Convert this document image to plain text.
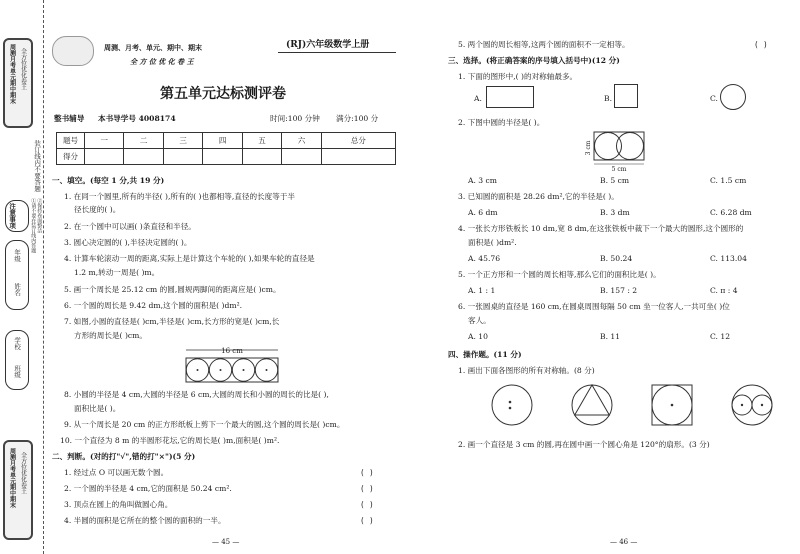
周测月考单元期中期末 全方位优化卷王
装订线内不要答题
注意事项	①请不要在装订线内答题 ②保持卷面整洁
年级
姓名
学校
班级
周测月考单元期中期末 全方位优化卷王
周测、月考、单元、期中、期末
全 方 位 优 化 卷 王
(RJ)六年级数学上册
第五单元达标测评卷
整书辅导 本书导学号 4008174	时间:100 分钟 满分:100 分
题号	一	二	三	四	五	六	总分
得分							
一、填空。(每空 1 分,共 19 分)
1. 在同一个圆里,所有的半径( ),所有的( )也都相等,直径的长度等于半
径长度的( )。
2. 在一个圆中可以画( )条直径和半径。
3. 圆心决定圆的( ),半径决定圆的( )。
4. 计算车轮滚动一周的距离,实际上是计算这个车轮的( ),如果车轮的直径是
1.2 m,转动一周是( )m。
5. 画一个周长是 25.12 cm 的圆,圆规两脚间的距离应是( )cm。
6. 一个圆的周长是 9.42 dm,这个圆的面积是( )dm².
7. 如图,小圆的直径是( )cm,半径是( )cm,长方形的宽是( )cm,长
方形的周长是( )cm。
16 cm
8. 小圆的半径是 4 cm,大圆的半径是 6 cm,大圆的周长和小圆的周长的比是( ),
面积比是( )。
9. 从一个周长是 20 cm 的正方形纸板上剪下一个最大的圆,这个圆的周长是( )cm。
10. 一个直径为 8 m 的半圆形花坛,它的周长是( )m,面积是( )m².
二、判断。(对的打"√",错的打"×")(5 分)
1. 经过点 O 可以画无数个圆。	( )
2. 一个圆的半径是 4 cm,它的面积是 50.24 cm².	( )
3. 顶点在圆上的角叫做圆心角。	( )
4. 半圆的面积是它所在的整个圆的面积的一半。	( )
— 45 —
5. 两个圆的周长相等,这两个圆的面积不一定相等。	( )
三、选择。(将正确答案的序号填入括号中)(12 分)
1. 下面的图形中,( )的对称轴最多。
A.	B.	C.
2. 下图中圆的半径是( )。
3 cm
5 cm
A. 3 cm	B. 5 cm	C. 1.5 cm
3. 已知圆的面积是 28.26 dm²,它的半径是( )。
A. 6 dm	B. 3 dm	C. 6.28 dm
4. 一张长方形铁板长 10 dm,宽 8 dm,在这张铁板中裁下一个最大的圆形,这个圆形的
面积是( )dm².
A. 45.76	B. 50.24	C. 113.04
5. 一个正方形和一个圆的周长相等,那么它们的面积比是( )。
A. 1 : 1	B. 157 : 2	C. π : 4
6. 一张圆桌的直径是 160 cm,在圆桌周围每隔 50 cm 坐一位客人,一共可坐( )位
客人。
A. 10	B. 11	C. 12
四、操作题。(11 分)
1. 画出下面各图形的所有对称轴。(8 分)
2. 画一个直径是 3 cm 的圆,再在圆中画一个圆心角是 120°的扇形。(3 分)
— 46 —
